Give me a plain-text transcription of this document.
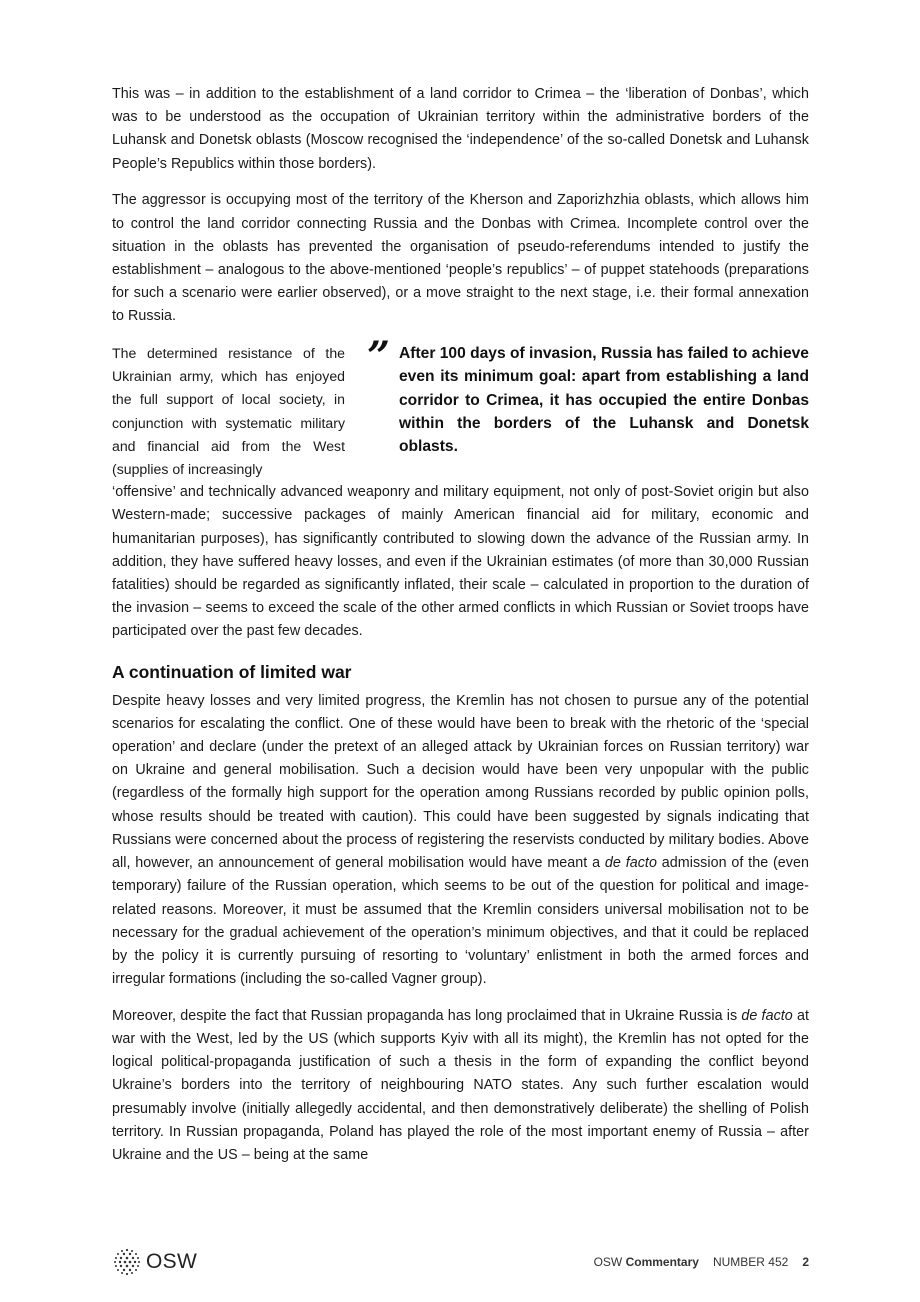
This was – in addition to the establishment of a land corridor to Crimea – the ‘liberation of Donbas’, which was to be understood as the occupation of Ukrainian territory within the administrative borders of the Luhansk and Donetsk oblasts (Moscow recognised the ‘independence’ of the so-called Donetsk and Luhansk People’s Republics within those borders).

The aggressor is occupying most of the territory of the Kherson and Zaporizhzhia oblasts, which allows him to control the land corridor connecting Russia and the Donbas with Crimea. Incomplete control over the situation in the oblasts has prevented the organisation of pseudo-referendums intended to justify the establishment – analogous to the above-mentioned ‘people’s republics’ – of puppet statehoods (preparations for such a scenario were earlier observed), or a move straight to the next stage, i.e. their formal annexation to Russia.

The determined resistance of the Ukrainian army, which has enjoyed the full support of local society, in conjunction with systematic military and financial aid from the West (supplies of increasingly

” After 100 days of invasion, Russia has failed to achieve even its minimum goal: apart from establishing a land corridor to Crimea, it has occupied the entire Donbas within the borders of the Luhansk and Donetsk oblasts.

‘offensive’ and technically advanced weaponry and military equipment, not only of post-Soviet origin but also Western-made; successive packages of mainly American financial aid for military, economic and humanitarian purposes), has significantly contributed to slowing down the advance of the Russian army. In addition, they have suffered heavy losses, and even if the Ukrainian estimates (of more than 30,000 Russian fatalities) should be regarded as significantly inflated, their scale – calculated in proportion to the duration of the invasion – seems to exceed the scale of the other armed conflicts in which Russian or Soviet troops have participated over the past few decades.

A continuation of limited war

Despite heavy losses and very limited progress, the Kremlin has not chosen to pursue any of the potential scenarios for escalating the conflict. One of these would have been to break with the rhetoric of the ‘special operation’ and declare (under the pretext of an alleged attack by Ukrainian forces on Russian territory) war on Ukraine and general mobilisation. Such a decision would have been very unpopular with the public (regardless of the formally high support for the operation among Russians recorded by public opinion polls, whose results should be treated with caution). This could have been suggested by signals indicating that Russians were concerned about the process of registering the reservists conducted by military bodies. Above all, however, an announcement of general mobilisation would have meant a de facto admission of the (even temporary) failure of the Russian operation, which seems to be out of the question for political and image-related reasons. Moreover, it must be assumed that the Kremlin considers universal mobilisation not to be necessary for the gradual achievement of the operation’s minimum objectives, and that it could be replaced by the policy it is currently pursuing of resorting to ‘voluntary’ enlistment in both the armed forces and irregular formations (including the so-called Vagner group).

Moreover, despite the fact that Russian propaganda has long proclaimed that in Ukraine Russia is de facto at war with the West, led by the US (which supports Kyiv with all its might), the Kremlin has not opted for the logical political-propaganda justification of such a thesis in the form of expanding the conflict beyond Ukraine’s borders into the territory of neighbouring NATO states. Any such further escalation would presumably involve (initially allegedly accidental, and then demonstratively deliberate) the shelling of Polish territory. In Russian propaganda, Poland has played the role of the most important enemy of Russia – after Ukraine and the US – being at the same

OSW	OSW
Commentary NUMBER 452 2
